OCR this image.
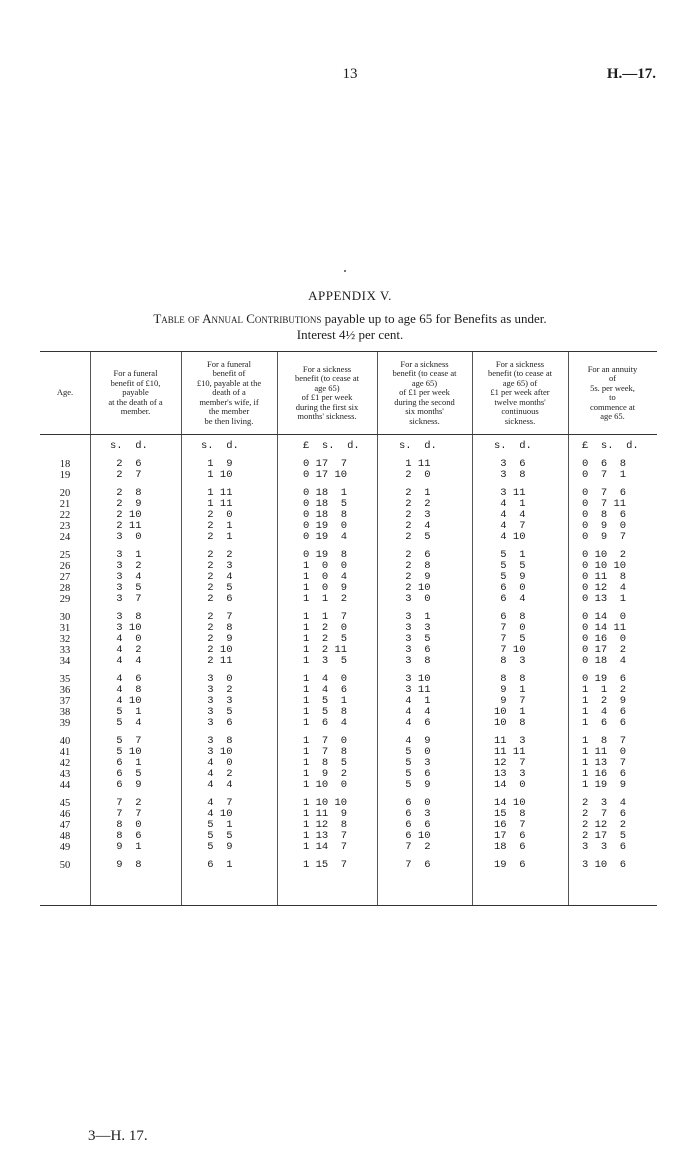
13	H.—17.
APPENDIX V.
Table of Annual Contributions payable up to age 65 for Benefits as under.
Interest 4½ per cent.
Age.
For a funeral
benefit of £10,
payable
at the death of a
member.
For a funeral
benefit of
£10, payable at the
death of a
member's wife, if
the member
be then living.
For a sickness
benefit (to cease at
age 65)
of £1 per week
during the first six
months' sickness.
For a sickness
benefit (to cease at
age 65)
of £1 per week
during the second
six months'
sickness.
For a sickness
benefit (to cease at
age 65) of
£1 per week after
twelve months'
continuous
sickness.
For an annuity
of
5s. per week,
to
commence at
age 65.
18
19
20
21
22
23
24
25
26
27
28
29
30
31
32
33
34
35
36
37
38
39
40
41
42
43
44
45
46
47
48
49
50
s.  d.
2  6
2  7
2  8
2  9
2 10
2 11
3  0
3  1
3  2
3  4
3  5
3  7
3  8
3 10
4  0
4  2
4  4
4  6
4  8
4 10
5  1
5  4
5  7
5 10
6  1
6  5
6  9
7  2
7  7
8  0
8  6
9  1
9  8
s.  d.
1  9
1 10
1 11
1 11
2  0
2  1
2  1
2  2
2  3
2  4
2  5
2  6
2  7
2  8
2  9
2 10
2 11
3  0
3  2
3  3
3  5
3  6
3  8
3 10
4  0
4  2
4  4
4  7
4 10
5  1
5  5
5  9
6  1
£  s.  d.
0 17  7
0 17 10
0 18  1
0 18  5
0 18  8
0 19  0
0 19  4
0 19  8
1  0  0
1  0  4
1  0  9
1  1  2
1  1  7
1  2  0
1  2  5
1  2 11
1  3  5
1  4  0
1  4  6
1  5  1
1  5  8
1  6  4
1  7  0
1  7  8
1  8  5
1  9  2
1 10  0
1 10 10
1 11  9
1 12  8
1 13  7
1 14  7
1 15  7
s.  d.
1 11
2  0
2  1
2  2
2  3
2  4
2  5
2  6
2  8
2  9
2 10
3  0
3  1
3  3
3  5
3  6
3  8
3 10
3 11
4  1
4  4
4  6
4  9
5  0
5  3
5  6
5  9
6  0
6  3
6  6
6 10
7  2
7  6
s.  d.
3  6
3  8
3 11
4  1
4  4
4  7
4 10
5  1
5  5
5  9
6  0
6  4
6  8
7  0
7  5
7 10
8  3
8  8
9  1
9  7
10  1
10  8
11  3
11 11
12  7
13  3
14  0
14 10
15  8
16  7
17  6
18  6
19  6
£  s.  d.
0  6  8
0  7  1
0  7  6
0  7 11
0  8  6
0  9  0
0  9  7
0 10  2
0 10 10
0 11  8
0 12  4
0 13  1
0 14  0
0 14 11
0 16  0
0 17  2
0 18  4
0 19  6
1  1  2
1  2  9
1  4  6
1  6  6
1  8  7
1 11  0
1 13  7
1 16  6
1 19  9
2  3  4
2  7  6
2 12  2
2 17  5
3  3  6
3 10  6
3—H. 17.
